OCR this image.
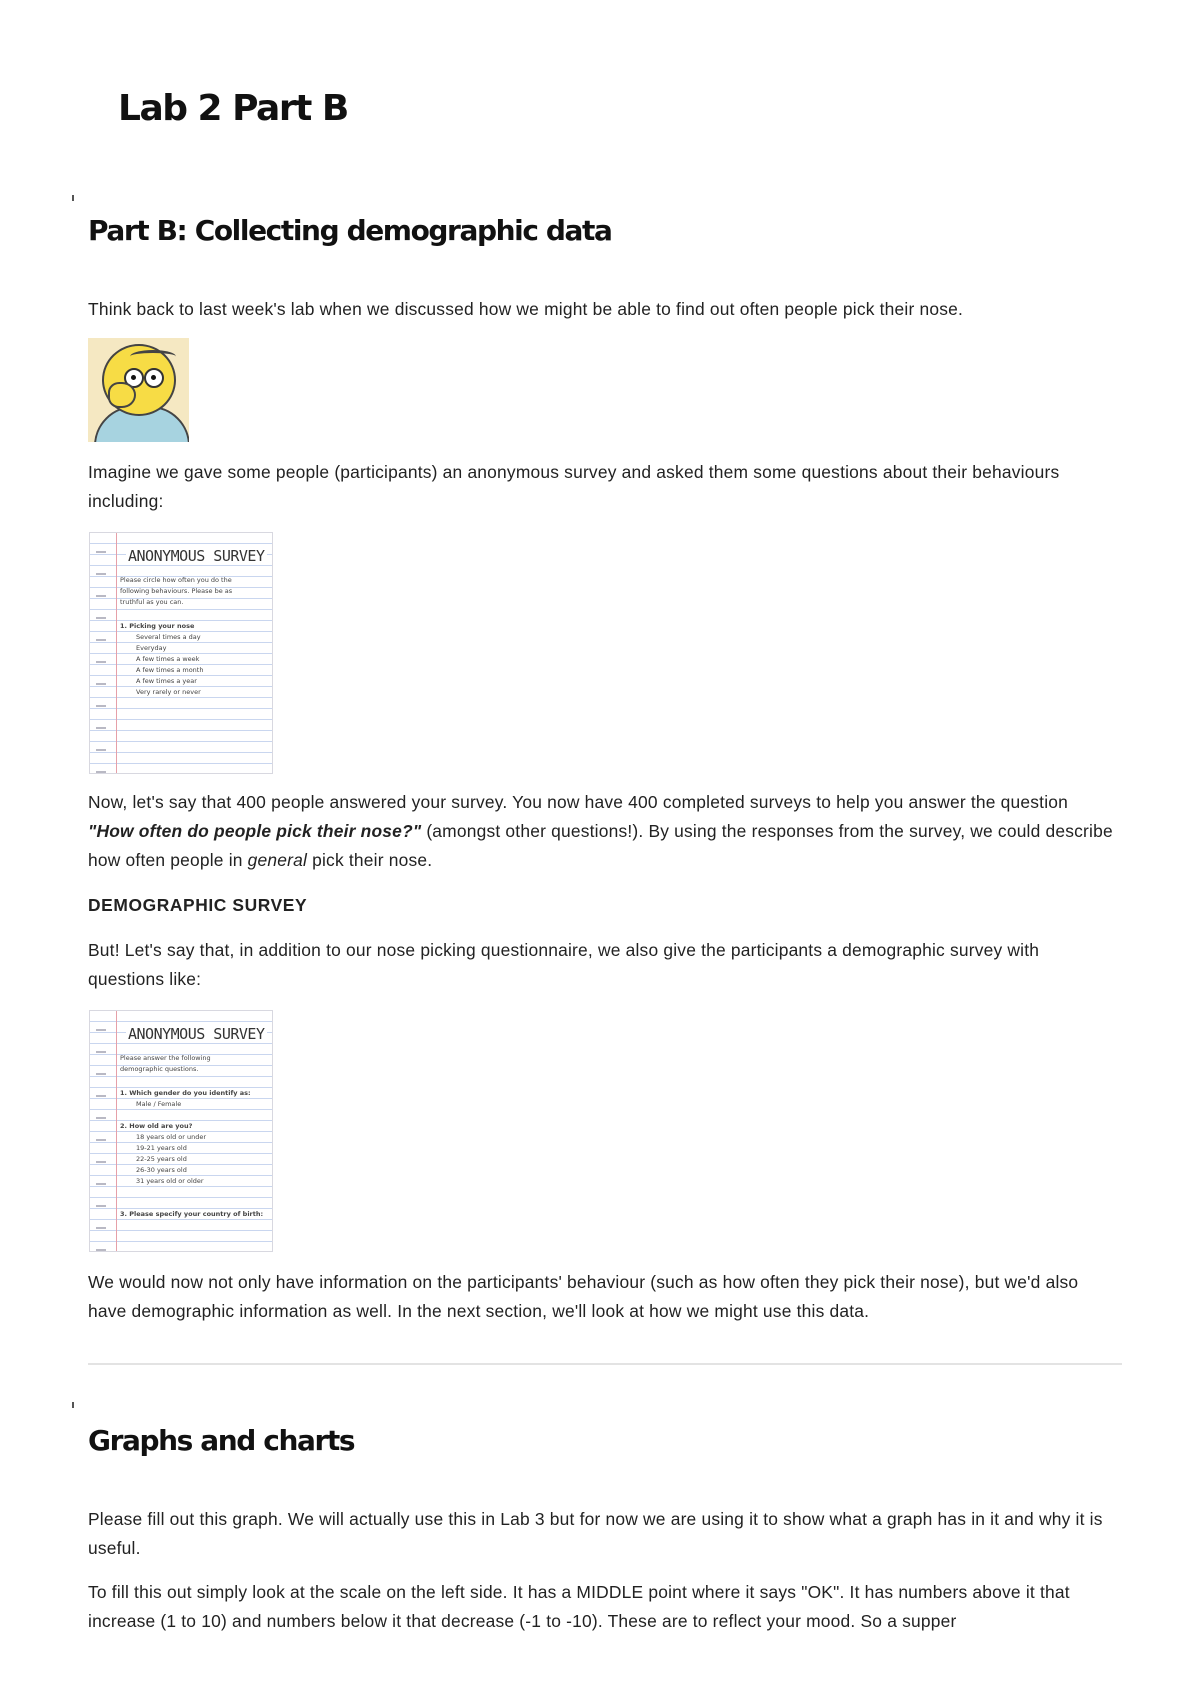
Lab 2 Part B
Part B: Collecting demographic data

Think back to last week's lab when we discussed how we might be able to find out often people pick their nose.

Imagine we gave some people (participants) an anonymous survey and asked them some questions about their behaviours including:

ANONYMOUS SURVEY
Please circle how often you do the
following behaviours. Please be as
truthful as you can.
1. Picking your nose
Several times a day
Everyday
A few times a week
A few times a month
A few times a year
Very rarely or never

Now, let's say that 400 people answered your survey. You now have 400 completed surveys to help you answer the question "How often do people pick their nose?" (amongst other questions!). By using the responses from the survey, we could describe how often people in general pick their nose.

DEMOGRAPHIC SURVEY

But! Let's say that, in addition to our nose picking questionnaire, we also give the participants a demographic survey with questions like:

ANONYMOUS SURVEY
Please answer the following
demographic questions.
1. Which gender do you identify as:
Male / Female
2. How old are you?
18 years old or under
19-21 years old
22-25 years old
26-30 years old
31 years old or older
3. Please specify your country of birth:

We would now not only have information on the participants' behaviour (such as how often they pick their nose), but we'd also have demographic information as well. In the next section, we'll look at how we might use this data.

Graphs and charts

Please fill out this graph. We will actually use this in Lab 3 but for now we are using it to show what a graph has in it and why it is useful.

To fill this out simply look at the scale on the left side. It has a MIDDLE point where it says "OK". It has numbers above it that increase (1 to 10) and numbers below it that decrease (-1 to -10). These are to reflect your mood. So a supper
